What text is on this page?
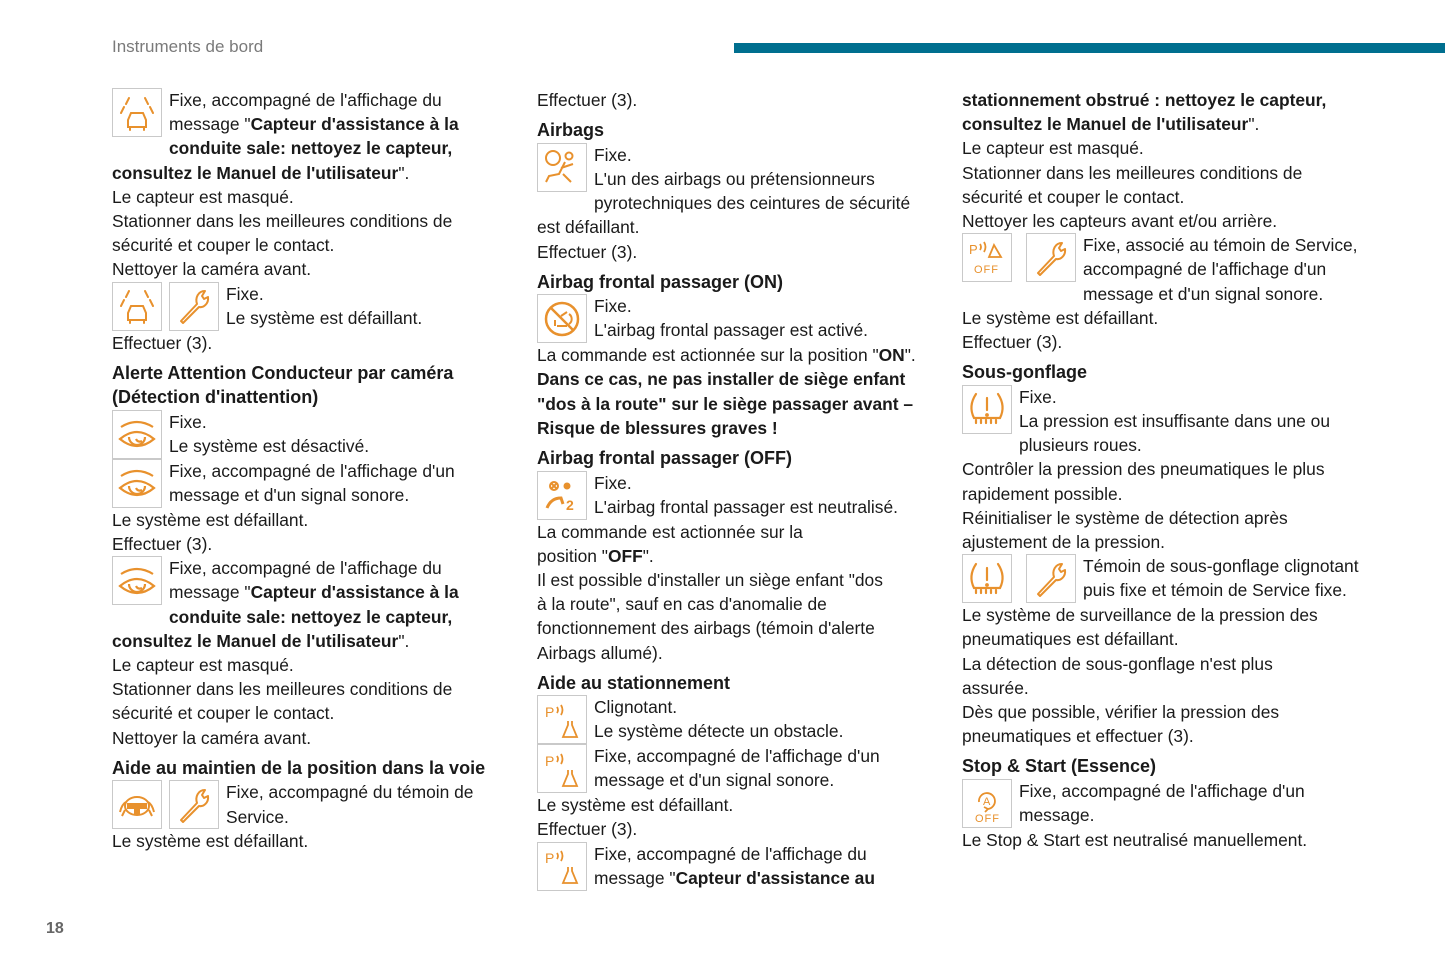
Instruments de bord
18
Fixe, accompagné de l'affichage du message "Capteur d'assistance à la conduite sale: nettoyez le capteur, consultez le Manuel de l'utilisateur".
Le capteur est masqué.
Stationner dans les meilleures conditions de sécurité et couper le contact.
Nettoyer la caméra avant.
Fixe.
Le système est défaillant.
Effectuer (3).
Alerte Attention Conducteur par caméra (Détection d'inattention)
Fixe.
Le système est désactivé.
Fixe, accompagné de l'affichage d'un message et d'un signal sonore.
Le système est défaillant.
Effectuer (3).
Fixe, accompagné de l'affichage du message "Capteur d'assistance à la conduite sale: nettoyez le capteur, consultez le Manuel de l'utilisateur".
Le capteur est masqué.
Stationner dans les meilleures conditions de sécurité et couper le contact.
Nettoyer la caméra avant.
Aide au maintien de la position dans la voie
Fixe, accompagné du témoin de Service.
Le système est défaillant.
Effectuer (3).
Airbags
Fixe.
L'un des airbags ou prétensionneurs pyrotechniques des ceintures de sécurité est défaillant.
Effectuer (3).
Airbag frontal passager (ON)
Fixe.
L'airbag frontal passager est activé.
La commande est actionnée sur la position "ON".
Dans ce cas, ne pas installer de siège enfant "dos à la route" sur le siège passager avant – Risque de blessures graves !
Airbag frontal passager (OFF)
Fixe.
L'airbag frontal passager est neutralisé.
La commande est actionnée sur la position "OFF".
Il est possible d'installer un siège enfant "dos à la route", sauf en cas d'anomalie de fonctionnement des airbags (témoin d'alerte Airbags allumé).
Aide au stationnement
Clignotant.
Le système détecte un obstacle.
Fixe, accompagné de l'affichage d'un message et d'un signal sonore.
Le système est défaillant.
Effectuer (3).
Fixe, accompagné de l'affichage du message "Capteur d'assistance au
stationnement obstrué : nettoyez le capteur, consultez le Manuel de l'utilisateur".
Le capteur est masqué.
Stationner dans les meilleures conditions de sécurité et couper le contact.
Nettoyer les capteurs avant et/ou arrière.
Fixe, associé au témoin de Service, accompagné de l'affichage d'un message et d'un signal sonore.
Le système est défaillant.
Effectuer (3).
Sous-gonflage
Fixe.
La pression est insuffisante dans une ou plusieurs roues.
Contrôler la pression des pneumatiques le plus rapidement possible.
Réinitialiser le système de détection après ajustement de la pression.
Témoin de sous-gonflage clignotant puis fixe et témoin de Service fixe.
Le système de surveillance de la pression des pneumatiques est défaillant.
La détection de sous-gonflage n'est plus assurée.
Dès que possible, vérifier la pression des pneumatiques et effectuer (3).
Stop & Start (Essence)
Fixe, accompagné de l'affichage d'un message.
Le Stop & Start est neutralisé manuellement.
